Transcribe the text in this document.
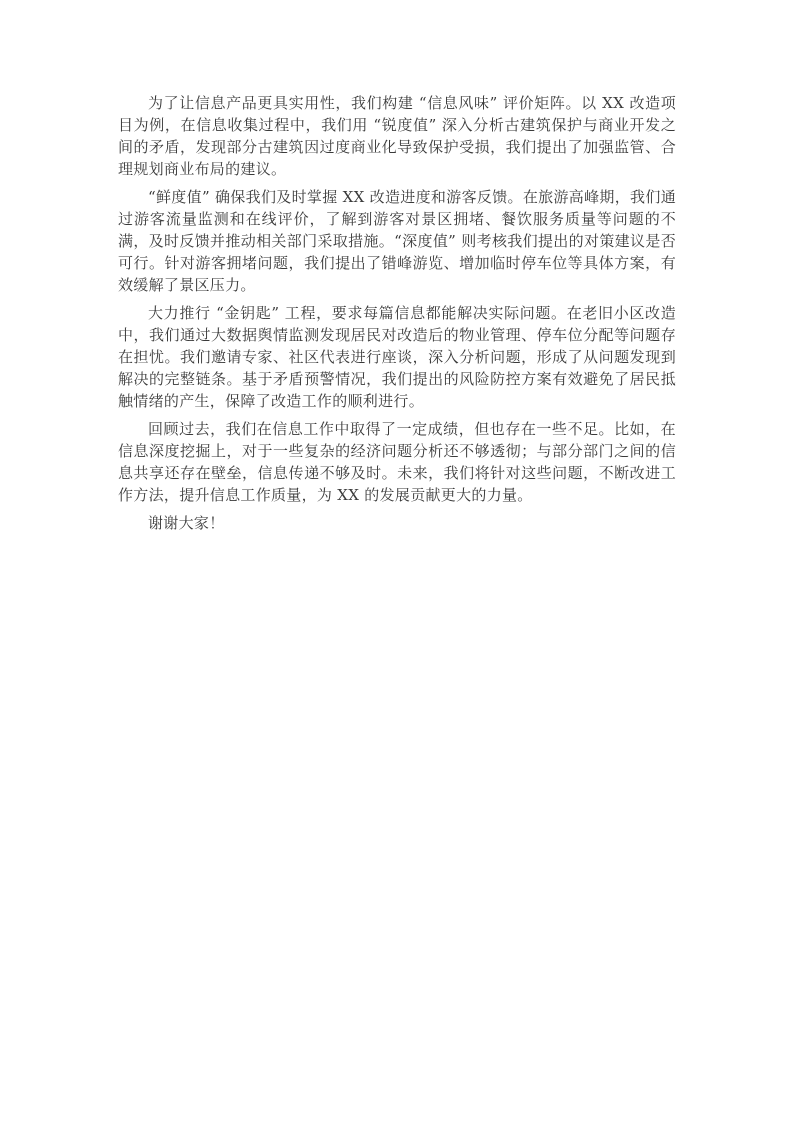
为了让信息产品更具实用性，我们构建 “信息风味” 评价矩阵。以 XX 改造项目为例，在信息收集过程中，我们用 “锐度值” 深入分析古建筑保护与商业开发之间的矛盾，发现部分古建筑因过度商业化导致保护受损，我们提出了加强监管、合理规划商业布局的建议。

“鲜度值” 确保我们及时掌握 XX 改造进度和游客反馈。在旅游高峰期，我们通过游客流量监测和在线评价，了解到游客对景区拥堵、餐饮服务质量等问题的不满，及时反馈并推动相关部门采取措施。“深度值” 则考核我们提出的对策建议是否可行。针对游客拥堵问题，我们提出了错峰游览、增加临时停车位等具体方案，有效缓解了景区压力。

大力推行 “金钥匙” 工程，要求每篇信息都能解决实际问题。在老旧小区改造中，我们通过大数据舆情监测发现居民对改造后的物业管理、停车位分配等问题存在担忧。我们邀请专家、社区代表进行座谈，深入分析问题，形成了从问题发现到解决的完整链条。基于矛盾预警情况，我们提出的风险防控方案有效避免了居民抵触情绪的产生，保障了改造工作的顺利进行。

回顾过去，我们在信息工作中取得了一定成绩，但也存在一些不足。比如，在信息深度挖掘上，对于一些复杂的经济问题分析还不够透彻；与部分部门之间的信息共享还存在壁垒，信息传递不够及时。未来，我们将针对这些问题，不断改进工作方法，提升信息工作质量，为 XX 的发展贡献更大的力量。

谢谢大家！
